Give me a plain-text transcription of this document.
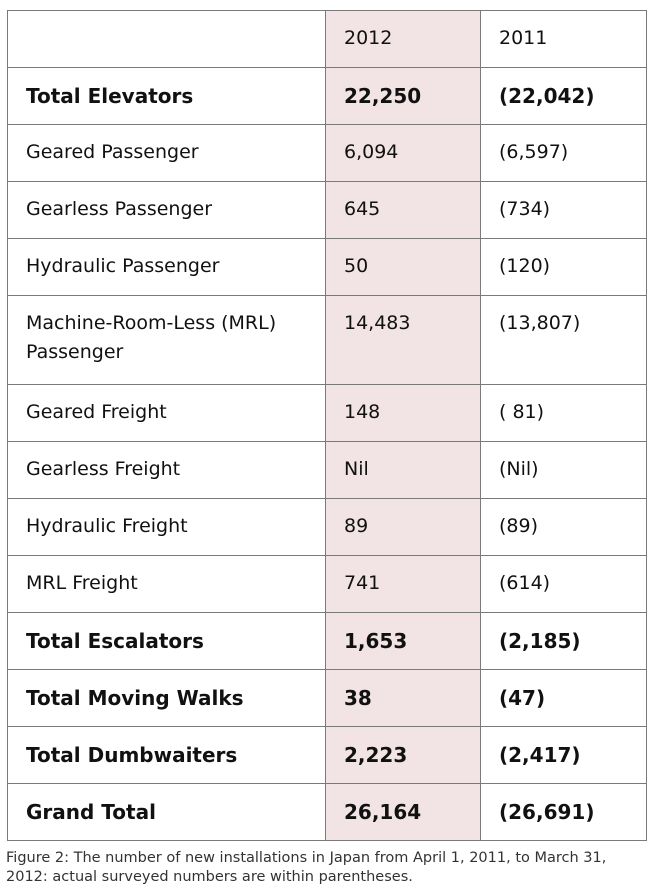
	2012	2011
Total Elevators	22,250	(22,042)
Geared Passenger	6,094	(6,597)
Gearless Passenger	645	(734)
Hydraulic Passenger	50	(120)
Machine-Room-Less (MRL) Passenger	14,483	(13,807)
Geared Freight	148	( 81)
Gearless Freight	Nil	(Nil)
Hydraulic Freight	89	(89)
MRL Freight	741	(614)
Total Escalators	1,653	(2,185)
Total Moving Walks	38	(47)
Total Dumbwaiters	2,223	(2,417)
Grand Total	26,164	(26,691)
Figure 2: The number of new installations in Japan from April 1, 2011, to March 31, 2012: actual surveyed numbers are within parentheses.
